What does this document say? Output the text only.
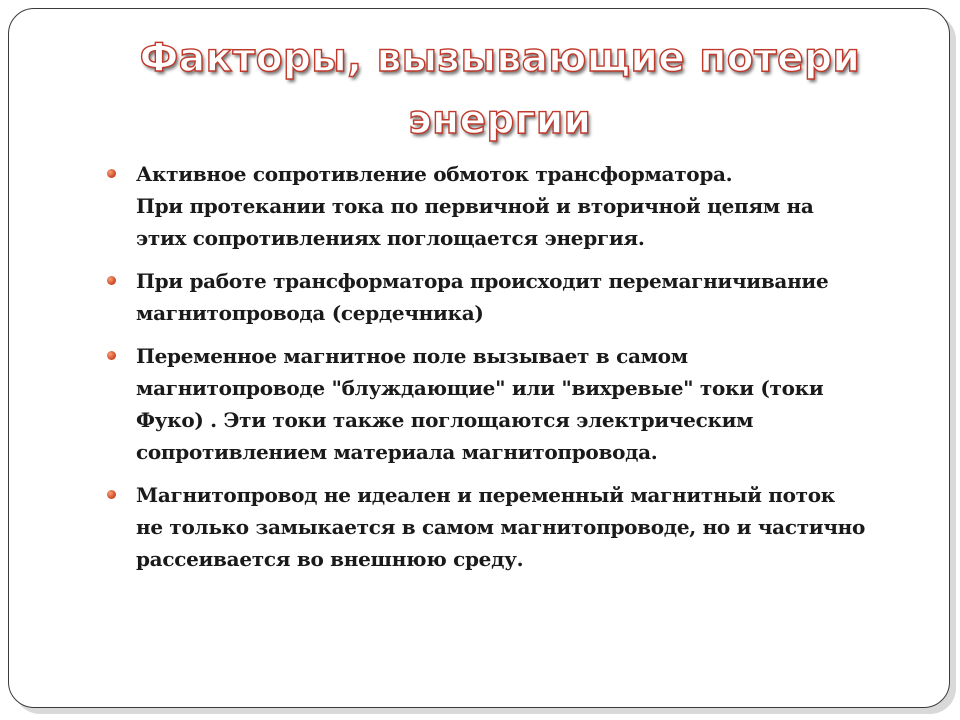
Факторы, вызывающие потери
энергии
Активное сопротивление обмоток трансформатора.
При протекании тока по первичной и вторичной цепям на
этих сопротивлениях поглощается энергия.
При работе трансформатора происходит перемагничивание
магнитопровода (сердечника)
Переменное магнитное поле вызывает в самом
магнитопроводе "блуждающие" или "вихревые" токи (токи
Фуко) . Эти токи также поглощаются электрическим
сопротивлением материала магнитопровода.
Магнитопровод не идеален и переменный магнитный поток
не только замыкается в самом магнитопроводе, но и частично
рассеивается во внешнюю среду.
